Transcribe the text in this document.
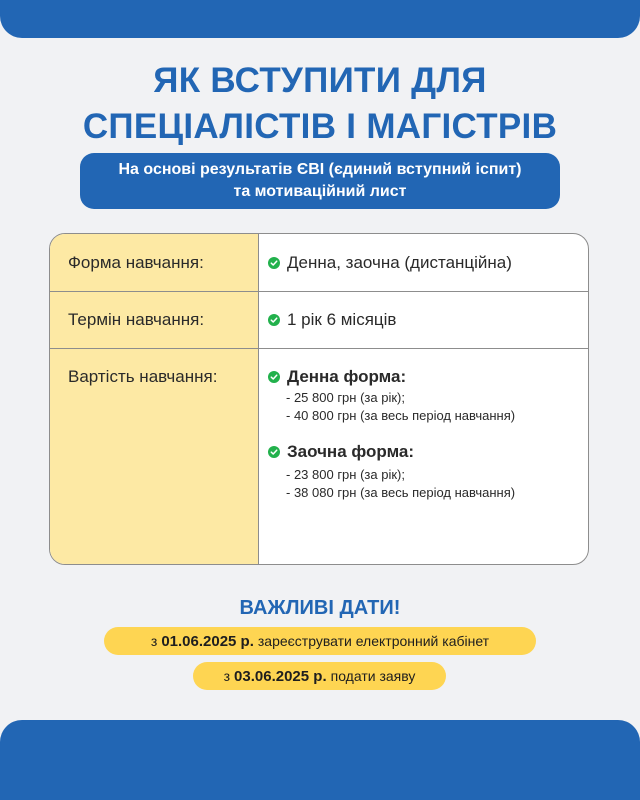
ЯК ВСТУПИТИ ДЛЯ
СПЕЦІАЛІСТІВ І МАГІСТРІВ
На основі результатів ЄВІ (єдиний вступний іспит)
та мотиваційний лист
Форма навчання:	Денна, заочна (дистанційна)
Термін навчання:	1 рік 6 місяців
Вартість навчання:	Денна форма:
- 25 800 грн (за рік);
- 40 800 грн (за весь період навчання)
Заочна форма:
- 23 800 грн (за рік);
- 38 080 грн (за весь період навчання)
ВАЖЛИВІ ДАТИ!
з 01.06.2025 р. зареєструвати електронний кабінет
з 03.06.2025 р. подати заяву
